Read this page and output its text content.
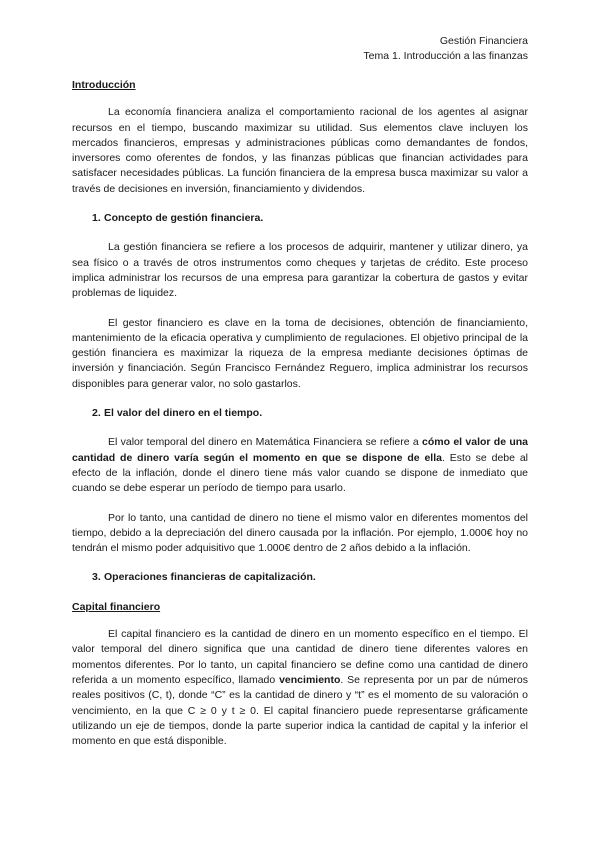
Gestión Financiera
Tema 1. Introducción a las finanzas
Introducción

La economía financiera analiza el comportamiento racional de los agentes al asignar recursos en el tiempo, buscando maximizar su utilidad. Sus elementos clave incluyen los mercados financieros, empresas y administraciones públicas como demandantes de fondos, inversores como oferentes de fondos, y las finanzas públicas que financian actividades para satisfacer necesidades públicas. La función financiera de la empresa busca maximizar su valor a través de decisiones en inversión, financiamiento y dividendos.

1. Concepto de gestión financiera.

La gestión financiera se refiere a los procesos de adquirir, mantener y utilizar dinero, ya sea físico o a través de otros instrumentos como cheques y tarjetas de crédito. Este proceso implica administrar los recursos de una empresa para garantizar la cobertura de gastos y evitar problemas de liquidez.

El gestor financiero es clave en la toma de decisiones, obtención de financiamiento, mantenimiento de la eficacia operativa y cumplimiento de regulaciones. El objetivo principal de la gestión financiera es maximizar la riqueza de la empresa mediante decisiones óptimas de inversión y financiación. Según Francisco Fernández Reguero, implica administrar los recursos disponibles para generar valor, no solo gastarlos.

2. El valor del dinero en el tiempo.

El valor temporal del dinero en Matemática Financiera se refiere a cómo el valor de una cantidad de dinero varía según el momento en que se dispone de ella. Esto se debe al efecto de la inflación, donde el dinero tiene más valor cuando se dispone de inmediato que cuando se debe esperar un período de tiempo para usarlo.

Por lo tanto, una cantidad de dinero no tiene el mismo valor en diferentes momentos del tiempo, debido a la depreciación del dinero causada por la inflación. Por ejemplo, 1.000€ hoy no tendrán el mismo poder adquisitivo que 1.000€ dentro de 2 años debido a la inflación.

3. Operaciones financieras de capitalización.
Capital financiero

El capital financiero es la cantidad de dinero en un momento específico en el tiempo. El valor temporal del dinero significa que una cantidad de dinero tiene diferentes valores en momentos diferentes. Por lo tanto, un capital financiero se define como una cantidad de dinero referida a un momento específico, llamado vencimiento. Se representa por un par de números reales positivos (C, t), donde “C” es la cantidad de dinero y “t” es el momento de su valoración o vencimiento, en la que C ≥ 0 y t ≥ 0. El capital financiero puede representarse gráficamente utilizando un eje de tiempos, donde la parte superior indica la cantidad de capital y la inferior el momento en que está disponible.
